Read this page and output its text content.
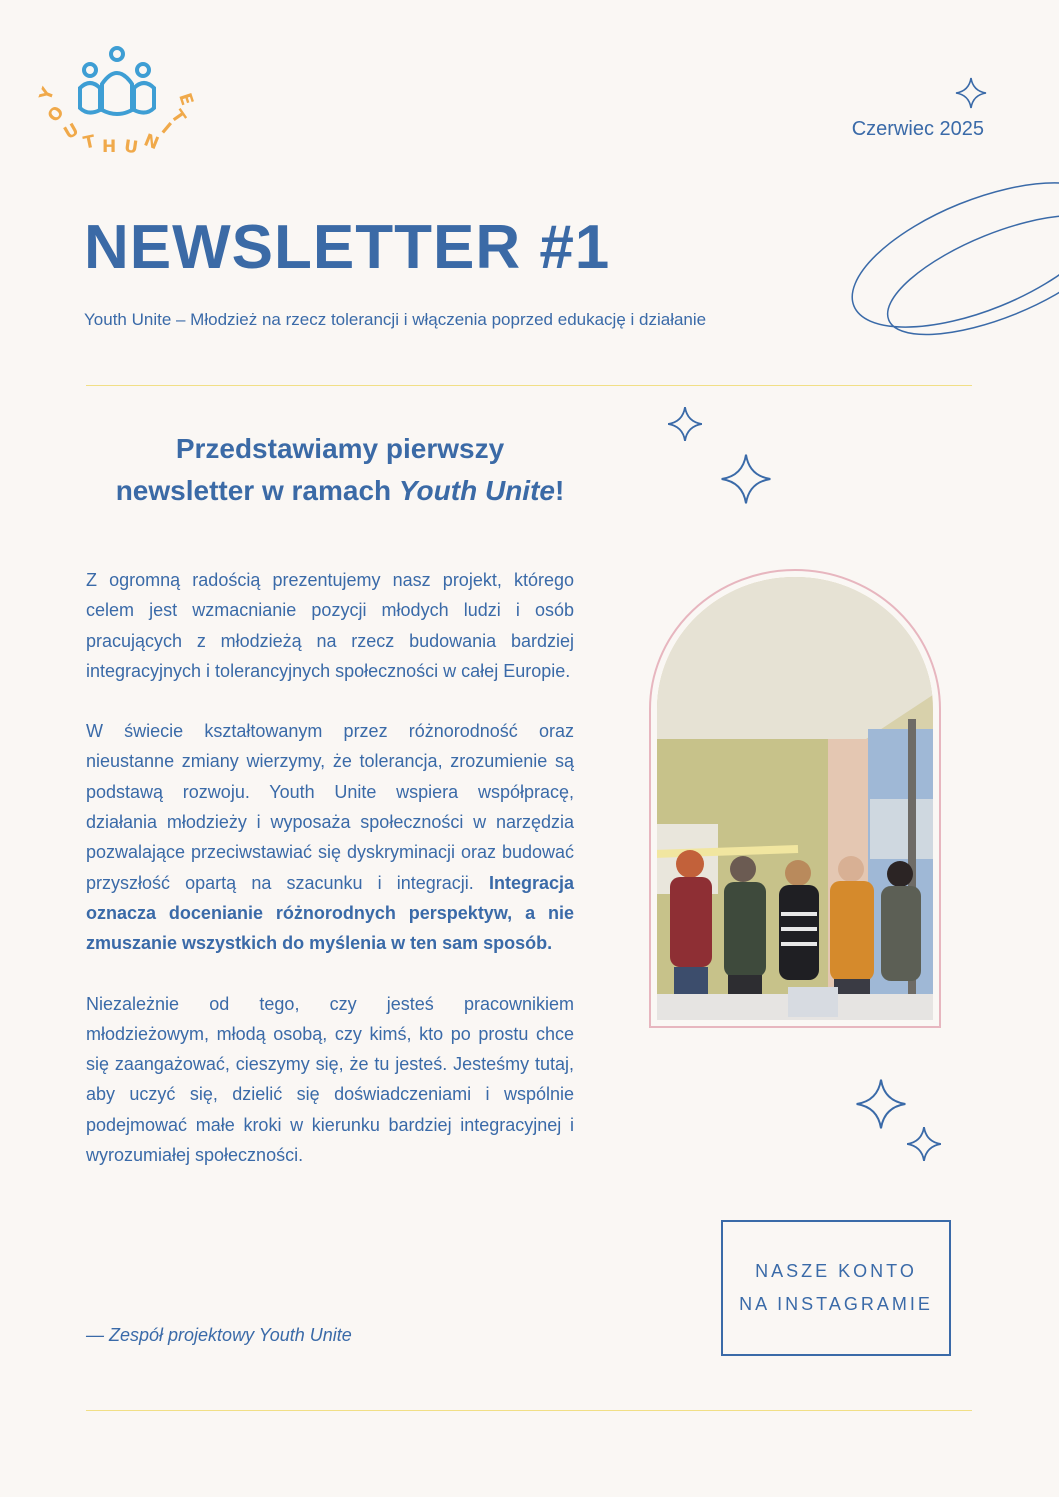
Y
O
U T H U N
I
T
E
Czerwiec 2025
NEWSLETTER #1
Youth Unite – Młodzież na rzecz tolerancji i włączenia poprzed edukację i działanie
Przedstawiamy pierwszy
newsletter w ramach Youth Unite!

Z ogromną radością prezentujemy nasz projekt, którego celem jest wzmacnianie pozycji młodych ludzi i osób pracujących z młodzieżą na rzecz budowania bardziej integracyjnych i tolerancyjnych społeczności w całej Europie.

W świecie kształtowanym przez różnorodność oraz nieustanne zmiany wierzymy, że tolerancja, zrozumienie są podstawą rozwoju. Youth Unite wspiera współpracę, działania młodzieży i wyposaża społeczności w narzędzia pozwalające przeciwstawiać się dyskryminacji oraz budować przyszłość opartą na szacunku i integracji. Integracja oznacza docenianie różnorodnych perspektyw, a nie zmuszanie wszystkich do myślenia w ten sam sposób.

Niezależnie od tego, czy jesteś pracownikiem młodzieżowym, młodą osobą, czy kimś, kto po prostu chce się zaangażować, cieszymy się, że tu jesteś. Jesteśmy tutaj, aby uczyć się, dzielić się doświadczeniami i wspólnie podejmować małe kroki w kierunku bardziej integracyjnej i wyrozumiałej społeczności.

— Zespół projektowy Youth Unite
NASZE KONTO
NA INSTAGRAMIE
